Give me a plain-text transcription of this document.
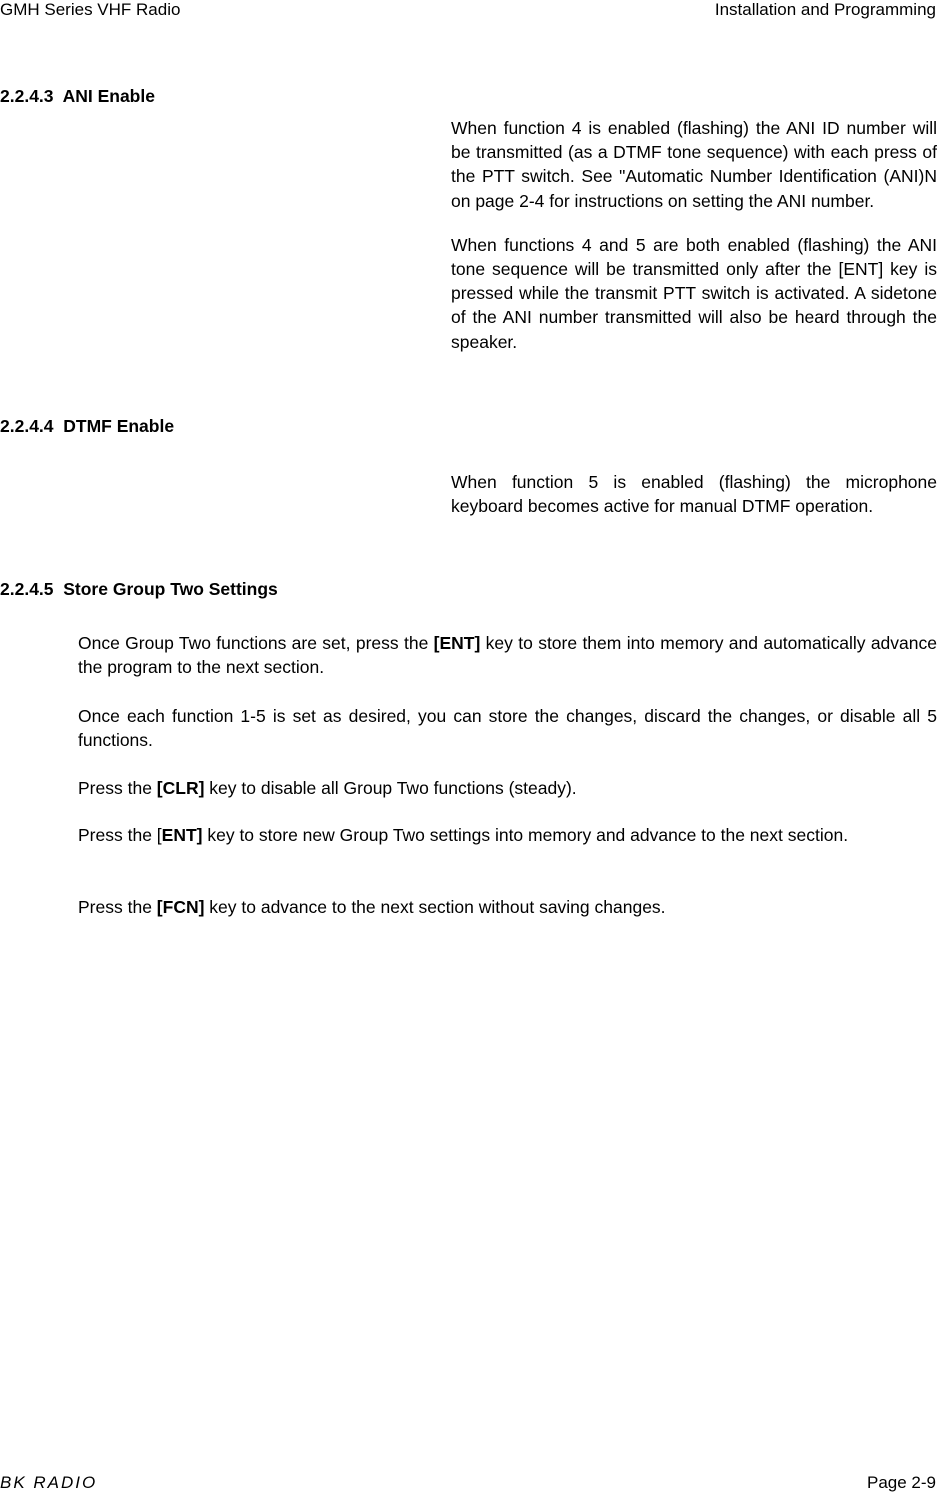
GMH Series VHF Radio	Installation and Programming
2.2.4.3  ANI Enable

When function 4 is enabled (flashing) the ANI ID number will be transmitted (as a DTMF tone sequence) with each press of the PTT switch. See "Automatic Number Identification (ANI)N on page 2-4 for instructions on setting the ANI number.

When functions 4 and 5 are both enabled (flashing) the ANI tone sequence will be transmitted only after the [ENT] key is pressed while the transmit PTT switch is activated. A sidetone of the ANI number transmitted will also be heard through the speaker.

2.2.4.4  DTMF Enable

When function 5 is enabled (flashing) the microphone keyboard becomes active for manual DTMF operation.

2.2.4.5  Store Group Two Settings

Once Group Two functions are set, press the [ENT] key to store them into memory and automatically advance the program to the next section.

Once each function 1-5 is set as desired, you can store the changes, discard the changes, or disable all 5 functions.

Press the [CLR] key to disable all Group Two functions (steady).

Press the [ENT] key to store new Group Two settings into memory and advance to the next section.

Press the [FCN] key to advance to the next section without saving changes.

BK RADIO	Page 2-9
